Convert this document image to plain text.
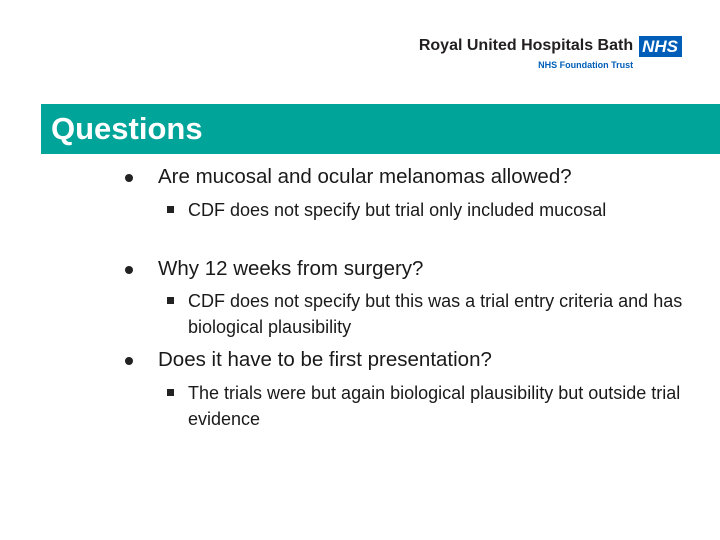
Royal United Hospitals Bath
NHS Foundation Trust
NHS
Questions
Are mucosal and ocular melanomas allowed?
CDF does not specify but trial only included mucosal
Why 12 weeks from surgery?
CDF does not specify but this was a trial entry criteria and has biological plausibility
Does it have to be first presentation?
The trials were but again biological plausibility but outside trial evidence
